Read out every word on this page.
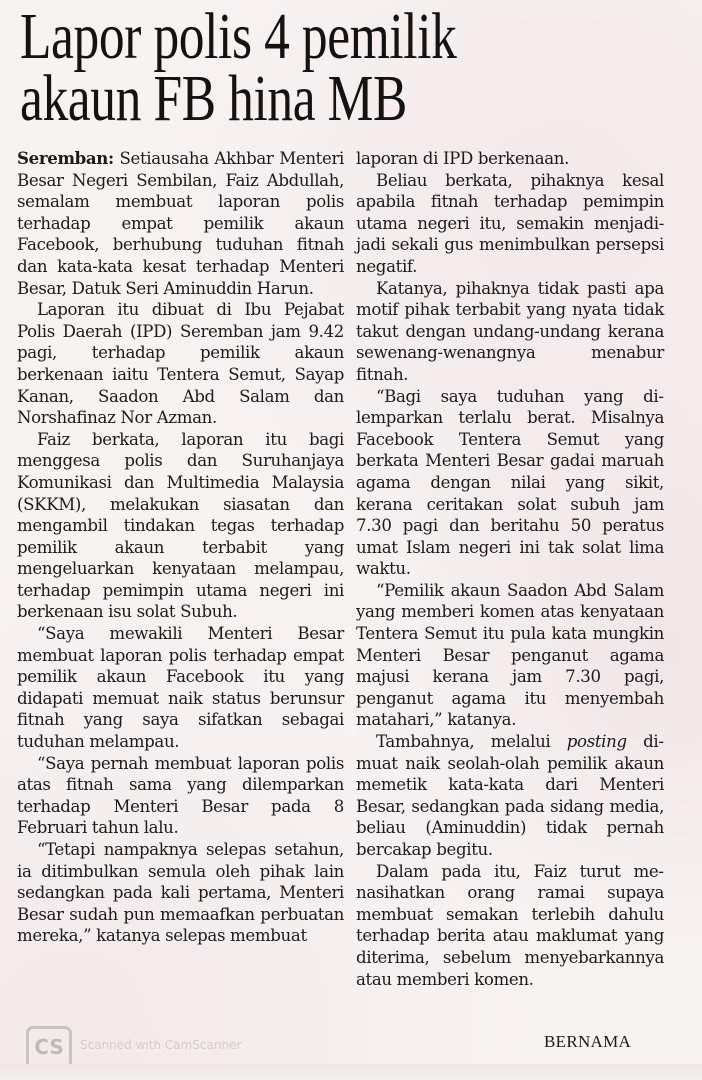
Lapor polis 4 pemilik
akaun FB hina MB

Seremban: Setiausaha Akhbar Menteri Besar Negeri Sembilan, Faiz Abdullah, semalam membuat laporan polis terhadap empat pemilik akaun Facebook, berhubung tuduhan fitnah dan kata-kata kesat terhadap Menteri Besar, Datuk Seri Aminuddin Harun.

Laporan itu dibuat di Ibu Pejabat Polis Daerah (IPD) Seremban jam 9.42 pagi, terhadap pemilik akaun berkenaan iaitu Tentera Semut, Sayap Kanan, Saadon Abd Salam dan Norshafinaz Nor Azman.

Faiz berkata, laporan itu bagi menggesa polis dan Suruhanjaya Komunikasi dan Multimedia Malaysia (SKKM), melakukan siasatan dan mengambil tindakan tegas terhadap pemilik akaun terbabit yang mengeluarkan kenyataan melampau, terhadap pemimpin utama negeri ini berkenaan isu solat Subuh.

“Saya mewakili Menteri Besar membuat laporan polis terhadap empat pemilik akaun Facebook itu yang didapati memuat naik status berunsur fitnah yang saya sifatkan sebagai tuduhan melampau.

“Saya pernah membuat laporan polis atas fitnah sama yang dilemparkan terhadap Menteri Besar pada 8 Februari tahun lalu.

“Tetapi nampaknya selepas setahun, ia ditimbulkan semula oleh pihak lain sedangkan pada kali pertama, Menteri Besar sudah pun memaafkan perbuatan mereka,” katanya selepas membuat

laporan di IPD berkenaan.

Beliau berkata, pihaknya kesal apabila fitnah terhadap pemimpin utama negeri itu, semakin menjadi-jadi sekali gus menimbulkan persepsi negatif.

Katanya, pihaknya tidak pasti apa motif pihak terbabit yang nyata tidak takut dengan undang-undang kerana sewenang-wenangnya menabur fitnah.

“Bagi saya tuduhan yang dilemparkan terlalu berat. Misalnya Facebook Tentera Semut yang berkata Menteri Besar gadai maruah agama dengan nilai yang sikit, kerana ceritakan solat subuh jam 7.30 pagi dan beritahu 50 peratus umat Islam negeri ini tak solat lima waktu.

“Pemilik akaun Saadon Abd Salam yang memberi komen atas kenyataan Tentera Semut itu pula kata mungkin Menteri Besar penganut agama majusi kerana jam 7.30 pagi, penganut agama itu menyembah matahari,” katanya.

Tambahnya, melalui posting dimuat naik seolah-olah pemilik akaun memetik kata-kata dari Menteri Besar, sedangkan pada sidang media, beliau (Aminuddin) tidak pernah bercakap begitu.

Dalam pada itu, Faiz turut menasihatkan orang ramai supaya membuat semakan terlebih dahulu terhadap berita atau maklumat yang diterima, sebelum menyebarkannya atau memberi komen.

BERNAMA
CS	Scanned with CamScanner
